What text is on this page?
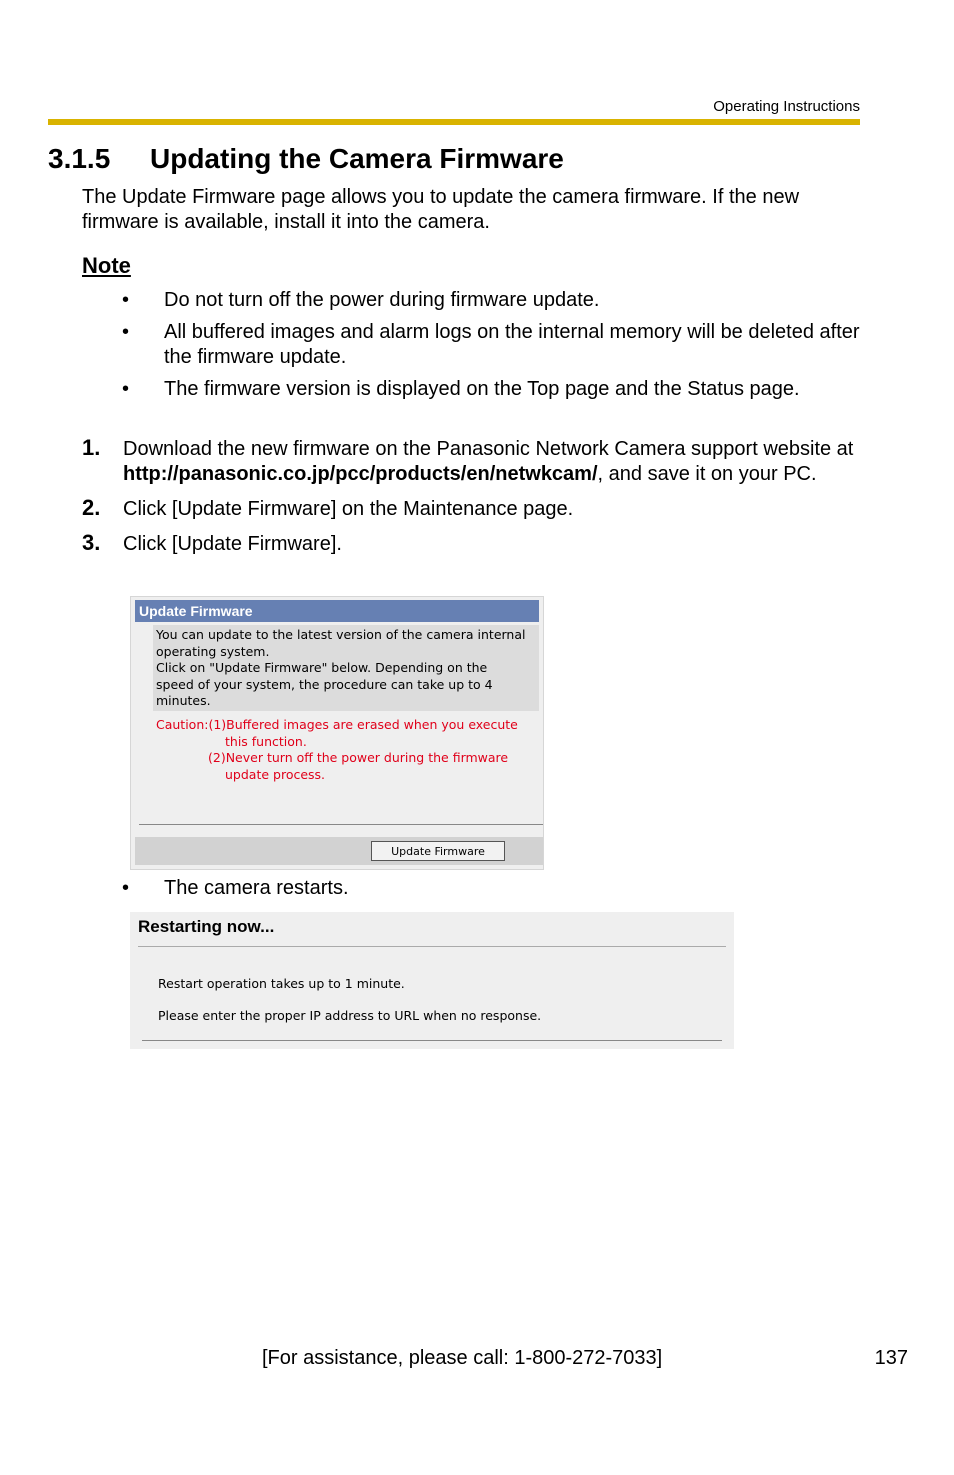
Operating Instructions
3.1.5 Updating the Camera Firmware
The Update Firmware page allows you to update the camera firmware. If the new firmware is available, install it into the camera.
Note
• Do not turn off the power during firmware update.
• All buffered images and alarm logs on the internal memory will be deleted after the firmware update.
• The firmware version is displayed on the Top page and the Status page.
1. Download the new firmware on the Panasonic Network Camera support website at http://panasonic.co.jp/pcc/products/en/netwkcam/, and save it on your PC.
2. Click [Update Firmware] on the Maintenance page.
3. Click [Update Firmware].
Update Firmware
You can update to the latest version of the camera internal
operating system.
Click on "Update Firmware" below. Depending on the
speed of your system, the procedure can take up to 4
minutes.
Caution:(1)Buffered images are erased when you execute
this function.
(2)Never turn off the power during the firmware
update process.
Update Firmware
• The camera restarts.
Restarting now...
Restart operation takes up to 1 minute.
Please enter the proper IP address to URL when no response.
[For assistance, please call: 1-800-272-7033]	137
